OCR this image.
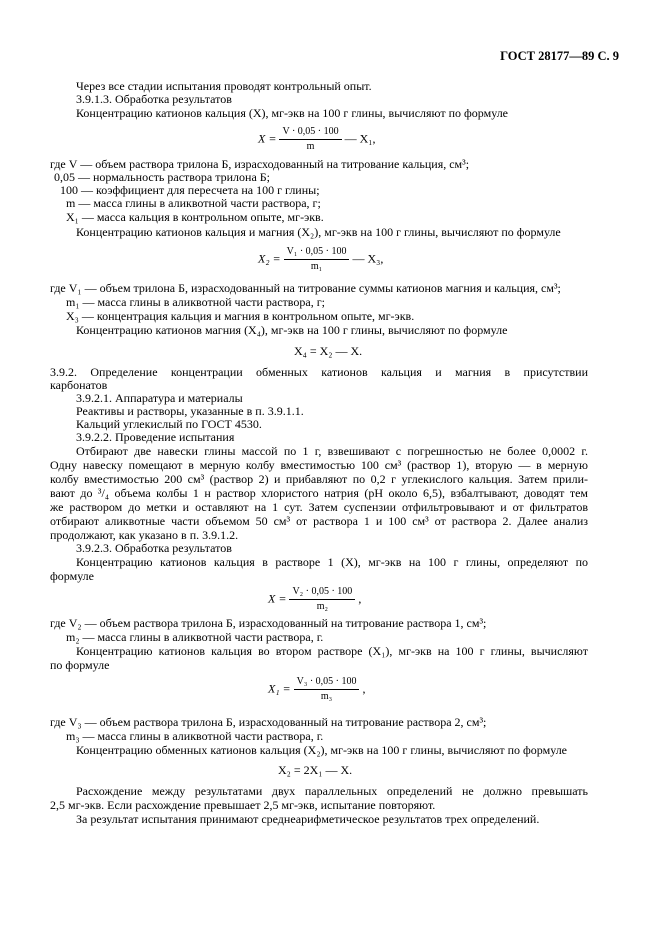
ГОСТ 28177—89 С. 9
Через все стадии испытания проводят контрольный опыт.
3.9.1.3. Обработка результатов
Концентрацию катионов кальция (X), мг-экв на 100 г глины, вычисляют по формуле
$X = \frac{V \cdot 0,05 \cdot 100}{m}$ — X₁,
где V — объем раствора трилона Б, израсходованный на титрование кальция, см³;
0,05 — нормальность раствора трилона Б;
100 — коэффициент для пересчета на 100 г глины;
m — масса глины в аликвотной части раствора, г;
X₁ — масса кальция в контрольном опыте, мг-экв.
Концентрацию катионов кальция и магния (X₂), мг-экв на 100 г глины, вычисляют по формуле
$X_2 = \frac{\text{V₁ · 0,05 · 100}}{\text{m₁}}$ — X₃,
где V₁ — объем трилона Б, израсходованный на титрование суммы катионов магния и кальция, см³;
m₁ — масса глины в аликвотной части раствора, г;
X₃ — концентрация кальция и магния в контрольном опыте, мг-экв.
Концентрацию катионов магния (X₄), мг-экв на 100 г глины, вычисляют по формуле
X₄ = X₂ — X.
3.9.2. Определение концентрации обменных катионов кальция и магния в присутствии
карбонатов
3.9.2.1. Аппаратура и материалы
Реактивы и растворы, указанные в п. 3.9.1.1.
Кальций углекислый по ГОСТ 4530.
3.9.2.2. Проведение испытания
Отбирают две навески глины массой по 1 г, взвешивают с погрешностью не более 0,0002 г.
Одну навеску помещают в мерную колбу вместимостью 100 см³ (раствор 1), вторую — в мерную
колбу вместимостью 200 см³ (раствор 2) и прибавляют по 0,2 г углекислого кальция. Затем прили-
вают до ³/₄ объема колбы 1 н раствор хлористого натрия (pH около 6,5), взбалтывают, доводят тем
же раствором до метки и оставляют на 1 сут. Затем суспензии отфильтровывают и от фильтратов
отбирают аликвотные части объемом 50 см³ от раствора 1 и 100 см³ от раствора 2. Далее анализ
продолжают, как указано в п. 3.9.1.2.
3.9.2.3. Обработка результатов
Концентрацию катионов кальция в растворе 1 (X), мг-экв на 100 г глины, определяют по
формуле
$X = \frac{\text{V₂ · 0,05 · 100}}{\text{m₂}}$ ,
где V₂ — объем раствора трилона Б, израсходованный на титрование раствора 1, см³;
m₂ — масса глины в аликвотной части раствора, г.
Концентрацию катионов кальция во втором растворе (X₁), мг-экв на 100 г глины, вычисляют
по формуле
$X_1 = \frac{\text{V₃ · 0,05 · 100}}{\text{m₃}}$ ,
где V₃ — объем раствора трилона Б, израсходованный на титрование раствора 2, см³;
m₃ — масса глины в аликвотной части раствора, г.
Концентрацию обменных катионов кальция (X₂), мг-экв на 100 г глины, вычисляют по формуле
X₂ = 2X₁ — X.
Расхождение между результатами двух параллельных определений не должно превышать
2,5 мг-экв. Если расхождение превышает 2,5 мг-экв, испытание повторяют.
За результат испытания принимают среднеарифметическое результатов трех определений.
